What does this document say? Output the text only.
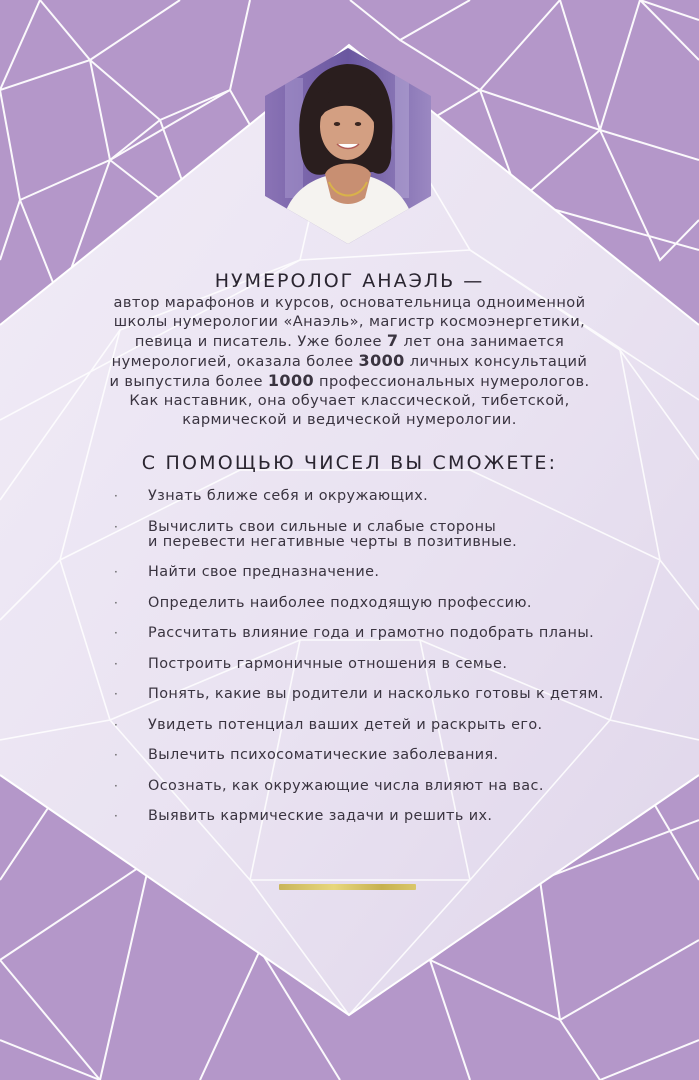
НУМЕРОЛОГ АНАЭЛЬ —
автор марафонов и курсов, основательница одноименной
школы нумерологии «Анаэль», магистр космоэнергетики,
певица и писатель. Уже более 7 лет она занимается
нумерологией, оказала более 3000 личных консультаций
и выпустила более 1000 профессиональных нумерологов.
Как наставник, она обучает классической, тибетской,
кармической и ведической нумерологии.
С ПОМОЩЬЮ ЧИСЕЛ ВЫ СМОЖЕТЕ:
· Узнать ближе себя и окружающих.
· Вычислить свои сильные и слабые стороны
и перевести негативные черты в позитивные.
· Найти свое предназначение.
· Определить наиболее подходящую профессию.
· Рассчитать влияние года и грамотно подобрать планы.
· Построить гармоничные отношения в семье.
· Понять, какие вы родители и насколько готовы к детям.
· Увидеть потенциал ваших детей и раскрыть его.
· Вылечить психосоматические заболевания.
· Осознать, как окружающие числа влияют на вас.
· Выявить кармические задачи и решить их.
